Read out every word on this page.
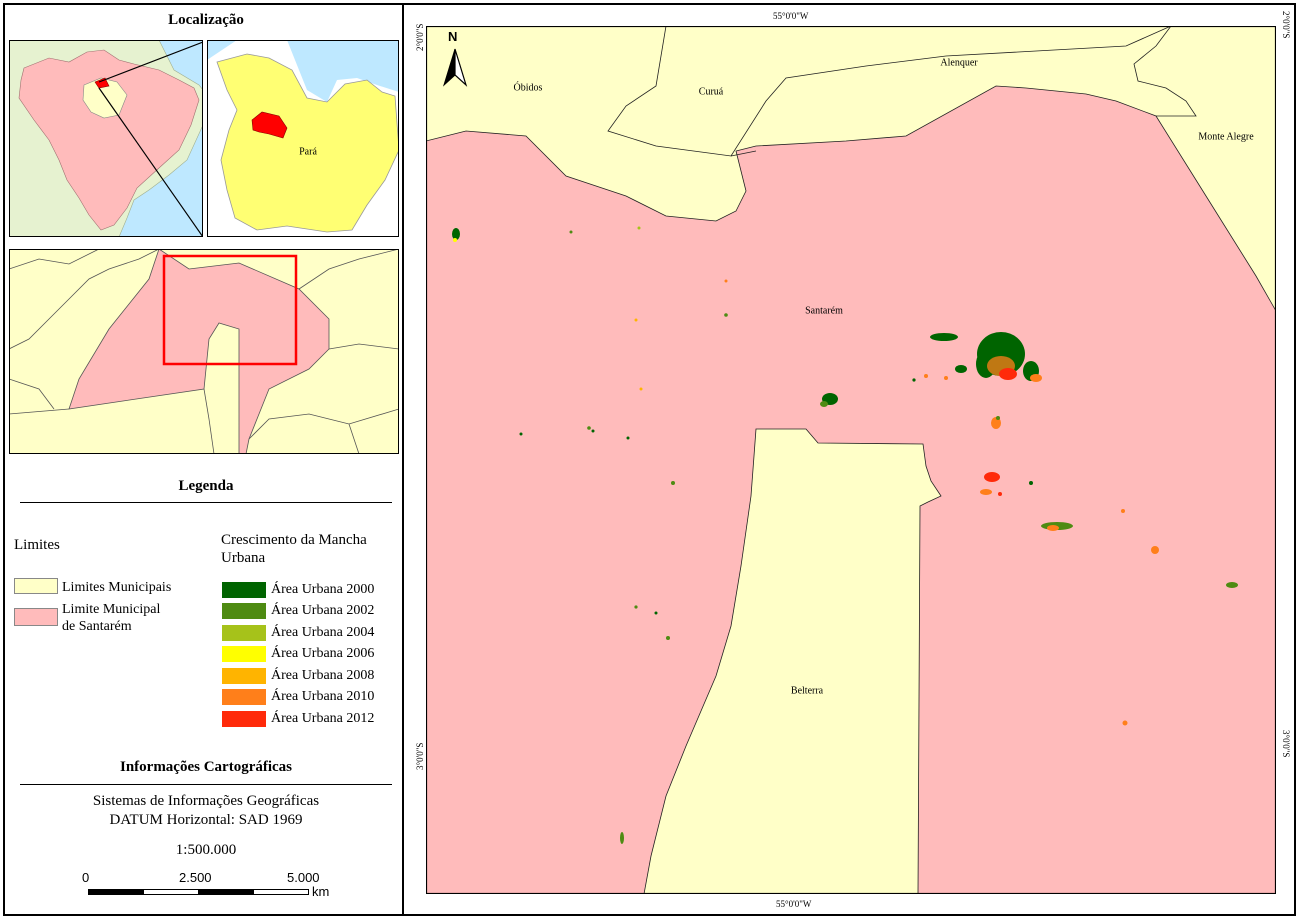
Localização
Pará
Legenda
Limites
Limites Municipais
Limite Municipal
de Santarém
Crescimento da Mancha
Urbana
Área Urbana 2000
Área Urbana 2002
Área Urbana 2004
Área Urbana 2006
Área Urbana 2008
Área Urbana 2010
Área Urbana 2012
Informações Cartográficas
Sistemas de Informações Geográficas
DATUM Horizontal: SAD 1969
1:500.000
0	2.500	5.000
km
N
Óbidos	Curuá
Alenquer
Monte Alegre
Santarém
Belterra
55°0'0"W
55°0'0"W
2°0'0"S
3°0'0"S
2°0'0"S
3°0'0"S
